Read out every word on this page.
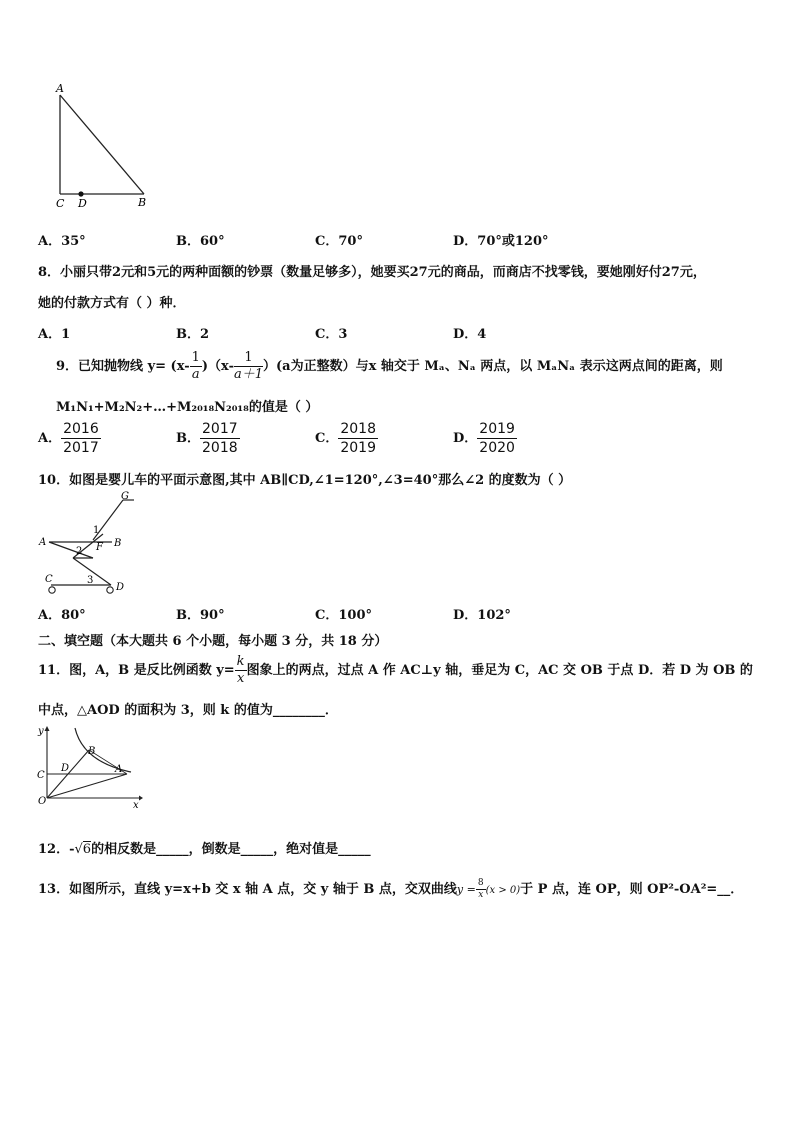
A
C D	B
A．35°	B．60°	C．70°	D．70°或120°
8．小丽只带2元和5元的两种面额的钞票（数量足够多），她要买27元的商品，而商店不找零钱，要她刚好付27元，
她的付款方式有（ ）种．
A．1	B．2	C．3	D．4
9．已知抛物线 $y= (x- \frac{1}{a} )(x- \frac{1}{a+1} )(a$为正整数）与x 轴交于 Mₐ、Nₐ 两点，以 MₐNₐ 表示这两点间的距离，则
M₁N₁+M₂N₂+…+M₂₀₁₈N₂₀₁₈的值是（ ）
A． $\frac{2016}{2017}$	B． $\frac{2017}{2018}$	C． $\frac{2018}{2019}$	D． $\frac{2019}{2020}$
10．如图是婴儿车的平面示意图,其中 AB∥CD,∠1=120°,∠3=40°那么∠2 的度数为（ ）
G
1
A	F B
2
C	3
D
A．80°	B．90°	C．100°	D．102°
二、填空题（本大题共 6 个小题，每小题 3 分，共 18 分）
11．图，A，B 是反比例函数 $y= \frac{k}{x}$ 图象上的两点，过点 A 作 AC⊥y 轴，垂足为 C，AC 交 OB 于点 D．若 D 为 OB 的
中点，△AOD 的面积为 3，则 k 的值为________．
y
B
C
D	A
O	x
12．-√6的相反数是_____，倒数是_____，绝对值是_____
13．如图所示，直线 y=x+b 交 x 轴 A 点，交 y 轴于 B 点，交双曲线$y = \frac{8}{x} (x > 0)$于 P 点，连 OP，则 OP²-OA²=__．
